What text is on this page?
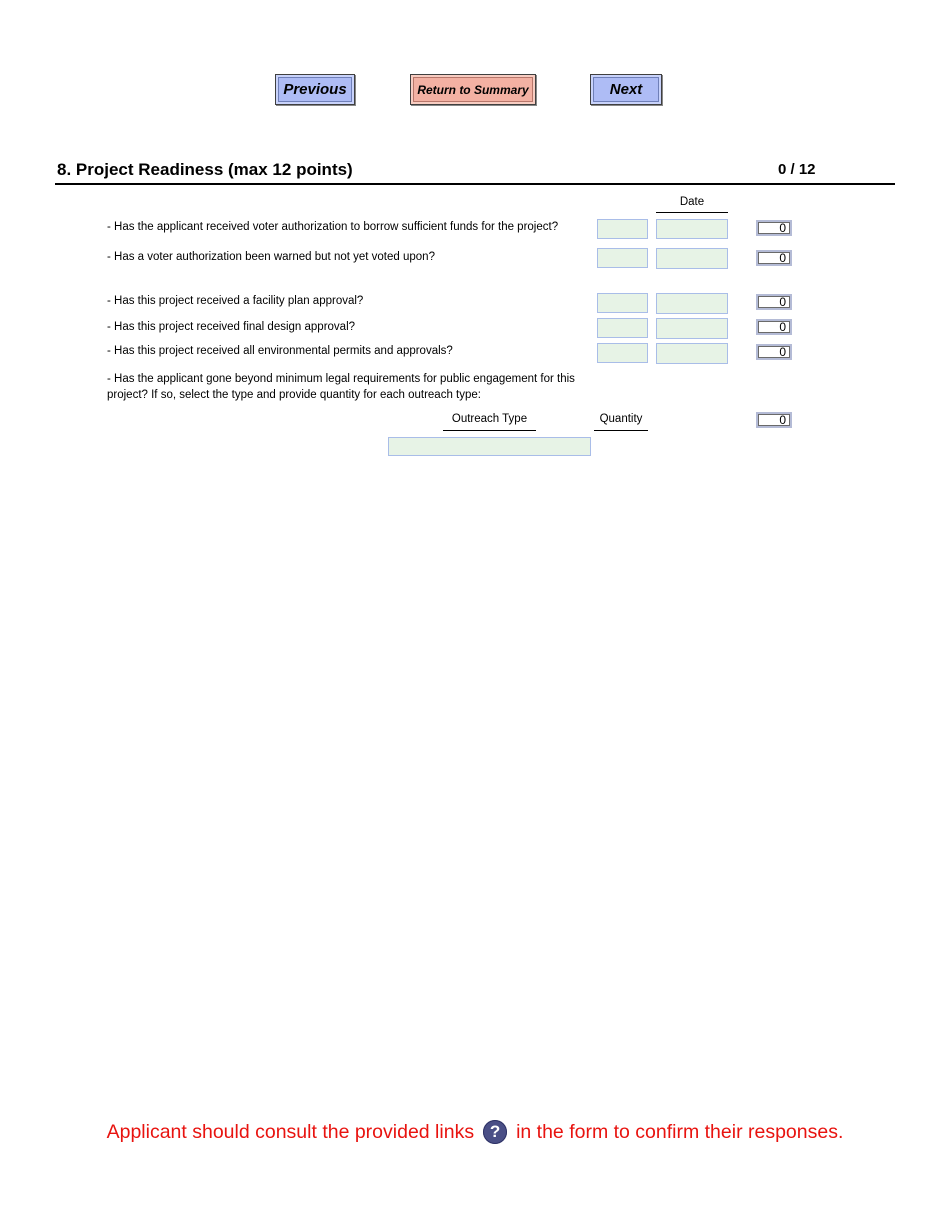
Previous	Return to Summary	Next
8. Project Readiness (max 12 points)	0 / 12
Date
- Has the applicant received voter authorization to borrow sufficient funds for the project?	0
- Has a voter authorization been warned but not yet voted upon?	0
- Has this project received a facility plan approval?	0
- Has this project received final design approval?	0
- Has this project received all environmental permits and approvals?	0
- Has the applicant gone beyond minimum legal requirements for public engagement for this project? If so, select the type and provide quantity for each outreach type:
Outreach Type	Quantity	0
Applicant should consult the provided links ? in the form to confirm their responses.
